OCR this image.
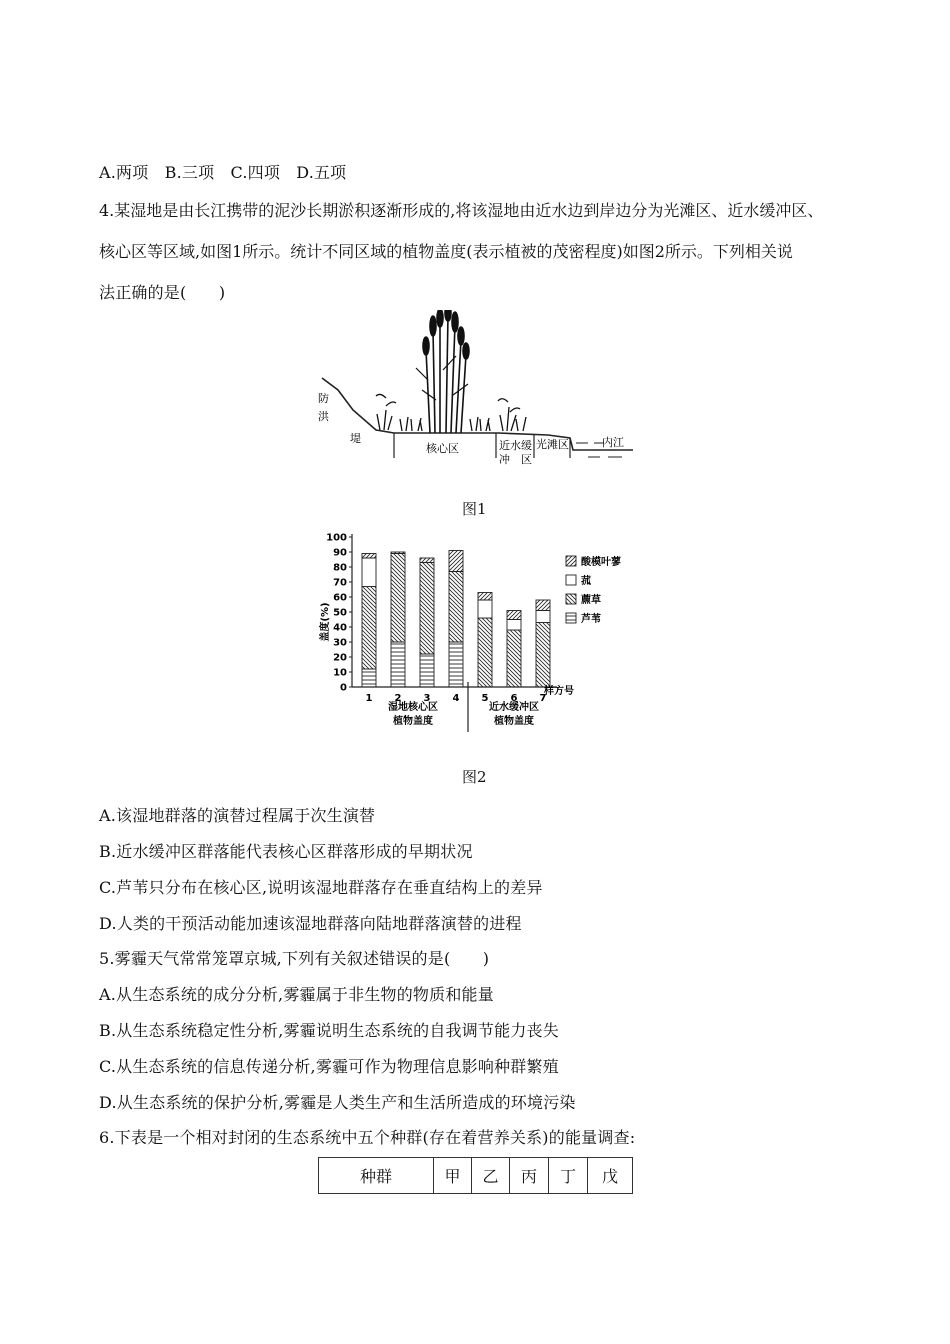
A.两项　B.三项　C.四项　D.五项
4.某湿地是由长江携带的泥沙长期淤积逐渐形成的,将该湿地由近水边到岸边分为光滩区、近水缓冲区、
核心区等区域,如图1所示。统计不同区域的植物盖度(表示植被的茂密程度)如图2所示。下列相关说
法正确的是(　　)
防
洪
堤
核心区	近水缓
冲　区
光滩区	内江
图1
0
10
20
30
40
50
60
70
80
90
100
1 2 3 4 5 6 7
酸模叶蓼
菰
藨草
芦苇
盖度(%)
样方号
湿地核心区
植物盖度
近水缓冲区
植物盖度
图2
A.该湿地群落的演替过程属于次生演替
B.近水缓冲区群落能代表核心区群落形成的早期状况
C.芦苇只分布在核心区,说明该湿地群落存在垂直结构上的差异
D.人类的干预活动能加速该湿地群落向陆地群落演替的进程
5.雾霾天气常常笼罩京城,下列有关叙述错误的是(　　)
A.从生态系统的成分分析,雾霾属于非生物的物质和能量
B.从生态系统稳定性分析,雾霾说明生态系统的自我调节能力丧失
C.从生态系统的信息传递分析,雾霾可作为物理信息影响种群繁殖
D.从生态系统的保护分析,雾霾是人类生产和生活所造成的环境污染
6.下表是一个相对封闭的生态系统中五个种群(存在着营养关系)的能量调查:
种群	甲	乙	丙	丁	戊
